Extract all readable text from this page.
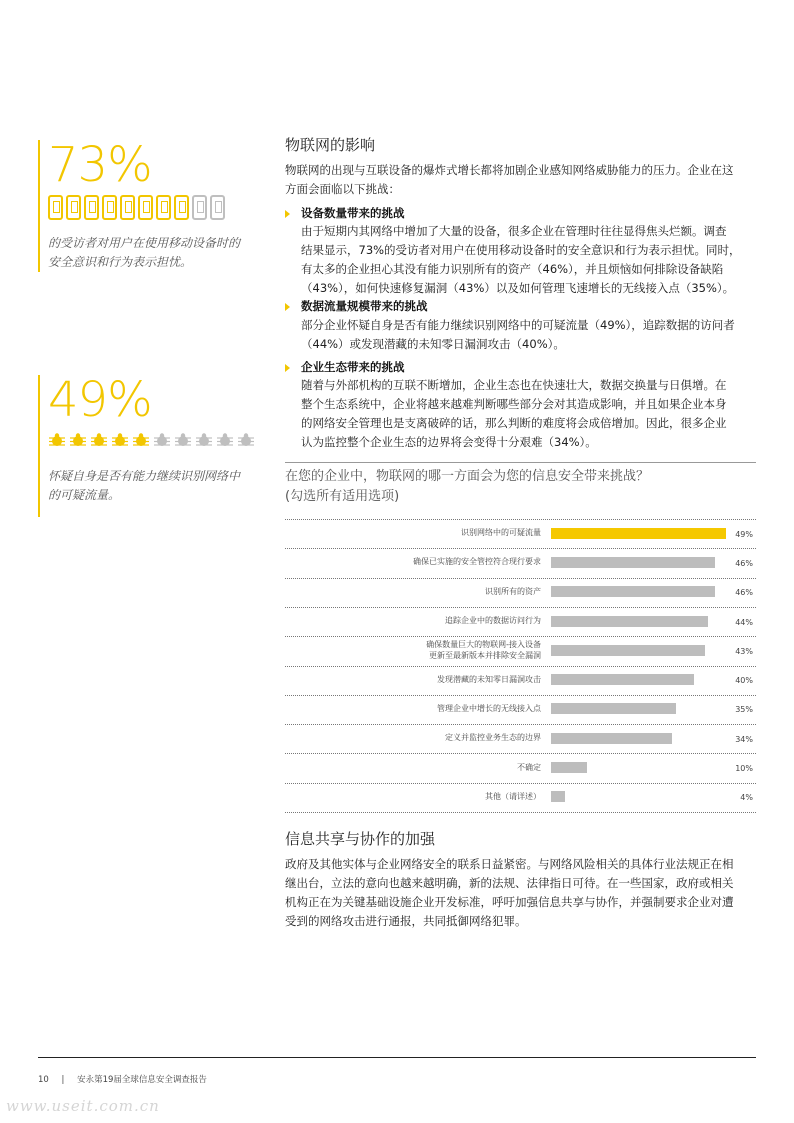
73%
的受访者对用户在使用移动设备时的
安全意识和行为表示担忧。
49%
怀疑自身是否有能力继续识别网络中
的可疑流量。
物联网的影响
物联网的出现与互联设备的爆炸式增长都将加剧企业感知网络威胁能力的压力。企业在这
方面会面临以下挑战：
设备数量带来的挑战
由于短期内其网络中增加了大量的设备，很多企业在管理时往往显得焦头烂额。调查
结果显示，73%的受访者对用户在使用移动设备时的安全意识和行为表示担忧。同时，
有太多的企业担心其没有能力识别所有的资产（46%），并且烦恼如何排除设备缺陷
（43%），如何快速修复漏洞（43%）以及如何管理飞速增长的无线接入点（35%）。
数据流量规模带来的挑战
部分企业怀疑自身是否有能力继续识别网络中的可疑流量（49%），追踪数据的访问者
（44%）或发现潜藏的未知零日漏洞攻击（40%）。
企业生态带来的挑战
随着与外部机构的互联不断增加，企业生态也在快速壮大，数据交换量与日俱增。在
整个生态系统中，企业将越来越难判断哪些部分会对其造成影响，并且如果企业本身
的网络安全管理也是支离破碎的话，那么判断的难度将会成倍增加。因此，很多企业
认为监控整个企业生态的边界将会变得十分艰难（34%）。
在您的企业中，物联网的哪一方面会为您的信息安全带来挑战？
(勾选所有适用选项)
识别网络中的可疑流量	49%
确保已实施的安全管控符合现行要求	46%
识别所有的资产	46%
追踪企业中的数据访问行为	44%
确保数量巨大的物联网-接入设备
更新至最新版本并排除安全漏洞	43%
发现潜藏的未知零日漏洞攻击	40%
管理企业中增长的无线接入点	35%
定义并监控业务生态的边界	34%
不确定	10%
其他（请详述）	4%
信息共享与协作的加强
政府及其他实体与企业网络安全的联系日益紧密。与网络风险相关的具体行业法规正在相
继出台，立法的意向也越来越明确，新的法规、法律指日可待。在一些国家，政府或相关
机构正在为关键基础设施企业开发标准，呼吁加强信息共享与协作，并强制要求企业对遭
受到的网络攻击进行通报，共同抵御网络犯罪。
10 | 安永第19届全球信息安全调查报告
www.useit.com.cn
